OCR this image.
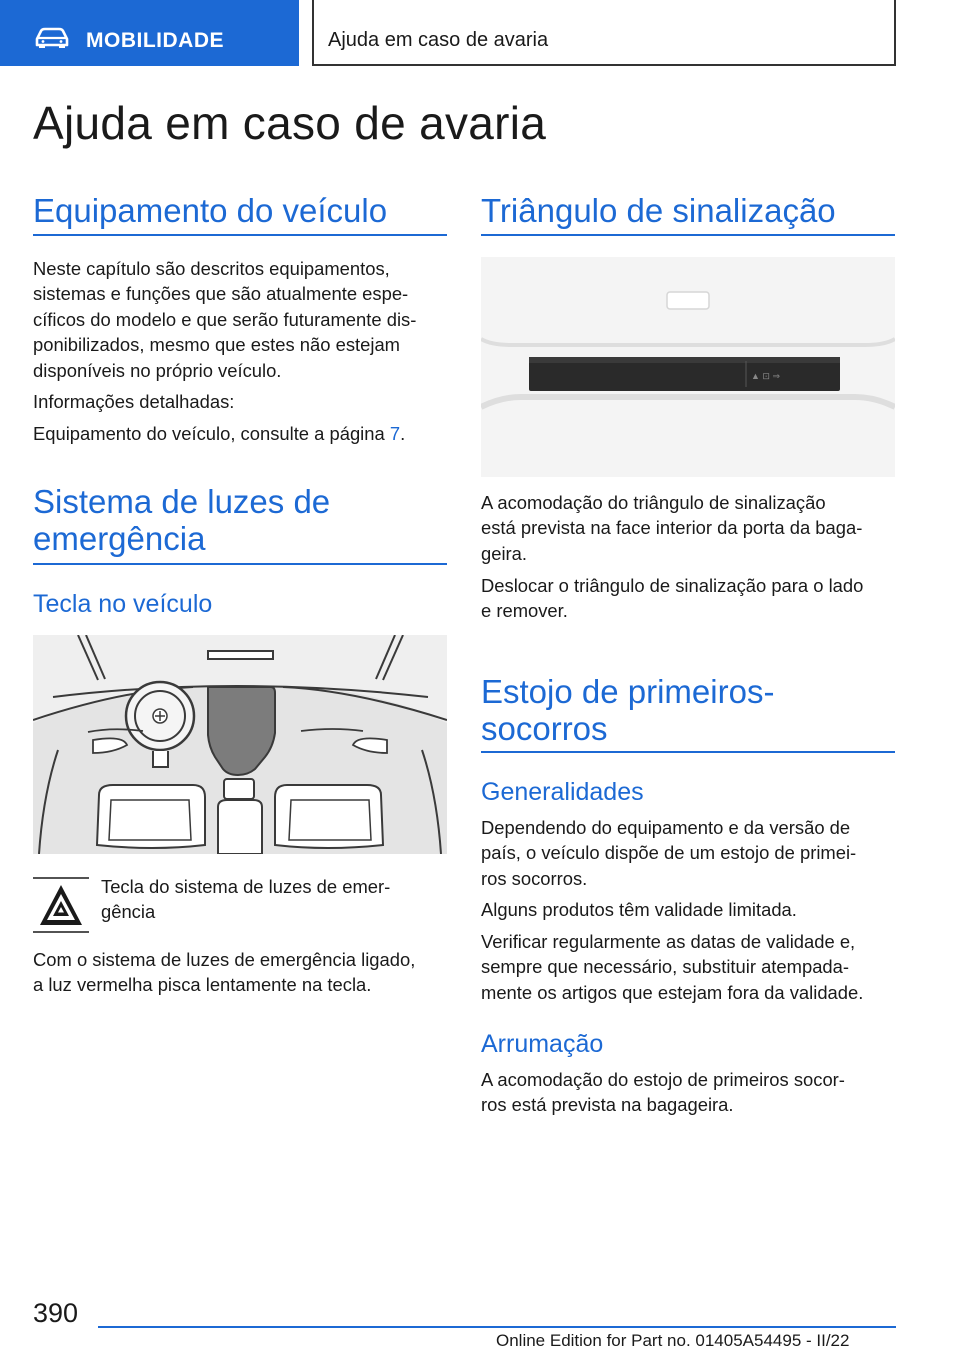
MOBILIDADE	Ajuda em caso de avaria
Ajuda em caso de avaria
Equipamento do veículo
Neste capítulo são descritos equipamentos,
sistemas e funções que são atualmente espe‐
cíficos do modelo e que serão futuramente dis‐
ponibilizados, mesmo que estes não estejam
disponíveis no próprio veículo.
Informações detalhadas:
Equipamento do veículo, consulte a página 7.
Sistema de luzes de
emergência
Tecla no veículo
Tecla do sistema de luzes de emer‐
gência
Com o sistema de luzes de emergência ligado,
a luz vermelha pisca lentamente na tecla.
Triângulo de sinalização
▲ ⊡ ⇒
A acomodação do triângulo de sinalização
está prevista na face interior da porta da baga‐
geira.
Deslocar o triângulo de sinalização para o lado
e remover.
Estojo de primeiros‐
socorros
Generalidades
Dependendo do equipamento e da versão de
país, o veículo dispõe de um estojo de primei‐
ros socorros.
Alguns produtos têm validade limitada.
Verificar regularmente as datas de validade e,
sempre que necessário, substituir atempada‐
mente os artigos que estejam fora da validade.
Arrumação
A acomodação do estojo de primeiros socor‐
ros está prevista na bagageira.
390
Online Edition for Part no. 01405A54495 - II/22
